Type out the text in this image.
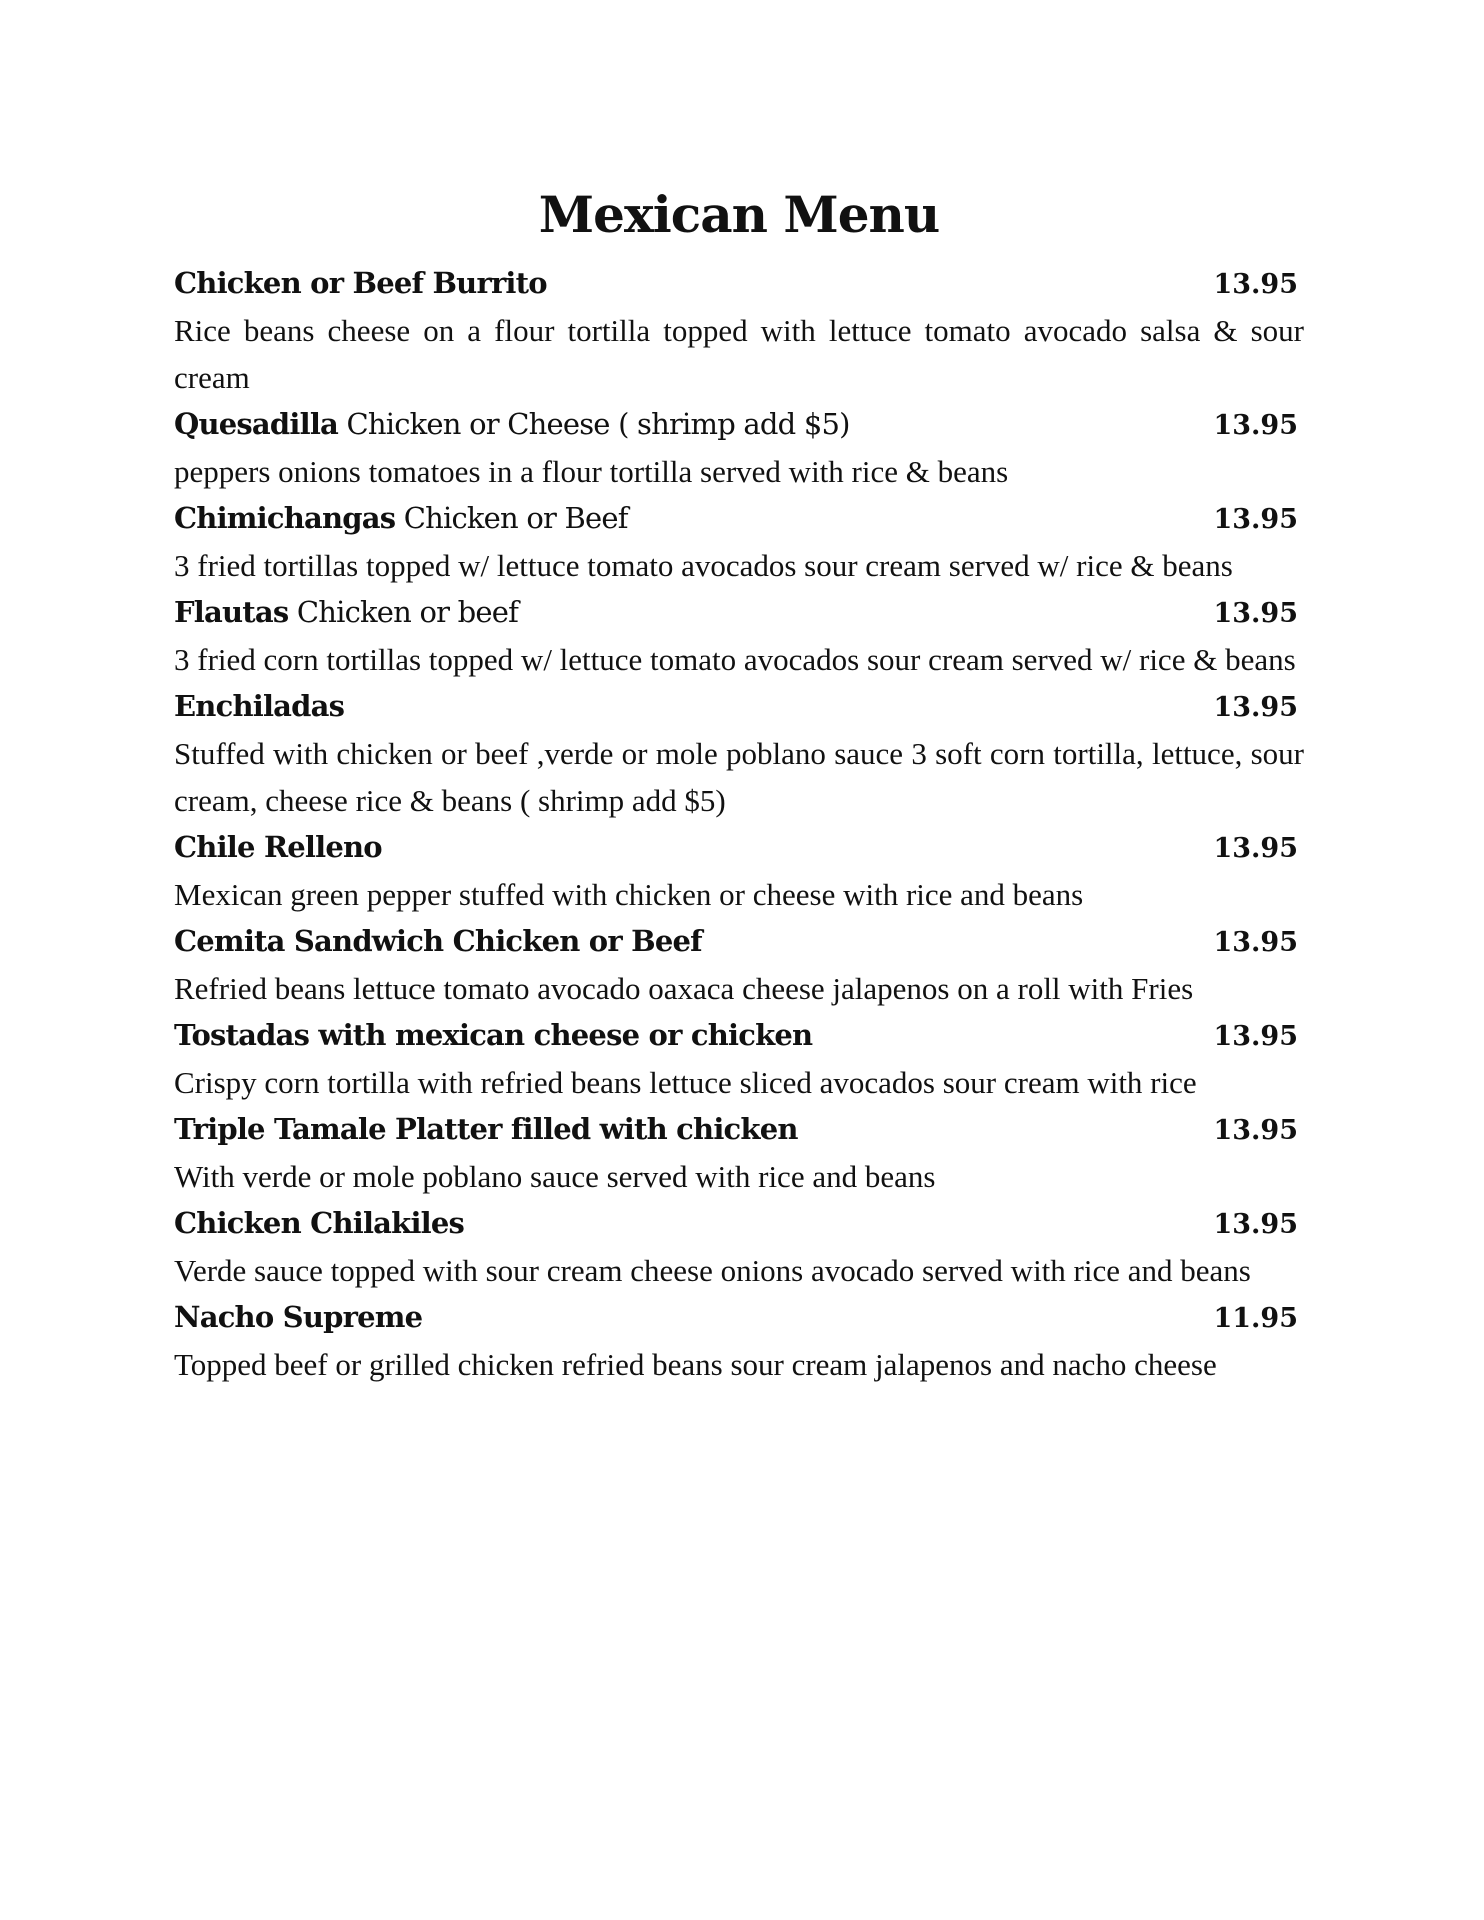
Mexican Menu
Chicken or Beef Burrito	13.95

Rice beans cheese on a flour tortilla topped with lettuce tomato avocado salsa & sour cream

Quesadilla Chicken or Cheese ( shrimp add $5)	13.95

peppers onions tomatoes in a flour tortilla served with rice & beans

Chimichangas Chicken or Beef	13.95

3 fried tortillas topped w/ lettuce tomato avocados sour cream served w/ rice & beans

Flautas Chicken or beef	13.95

3 fried corn tortillas topped w/ lettuce tomato avocados sour cream served w/ rice & beans

Enchiladas	13.95

Stuffed with chicken or beef ,verde or mole poblano sauce 3 soft corn tortilla, lettuce, sour cream, cheese rice & beans ( shrimp add $5)

Chile Relleno	13.95

Mexican green pepper stuffed with chicken or cheese with rice and beans

Cemita Sandwich Chicken or Beef	13.95

Refried beans lettuce tomato avocado oaxaca cheese jalapenos on a roll with Fries

Tostadas with mexican cheese or chicken	13.95

Crispy corn tortilla with refried beans lettuce sliced avocados sour cream with rice

Triple Tamale Platter filled with chicken	13.95

With verde or mole poblano sauce served with rice and beans

Chicken Chilakiles	13.95

Verde sauce topped with sour cream cheese onions avocado served with rice and beans

Nacho Supreme	11.95

Topped beef or grilled chicken refried beans sour cream jalapenos and nacho cheese
